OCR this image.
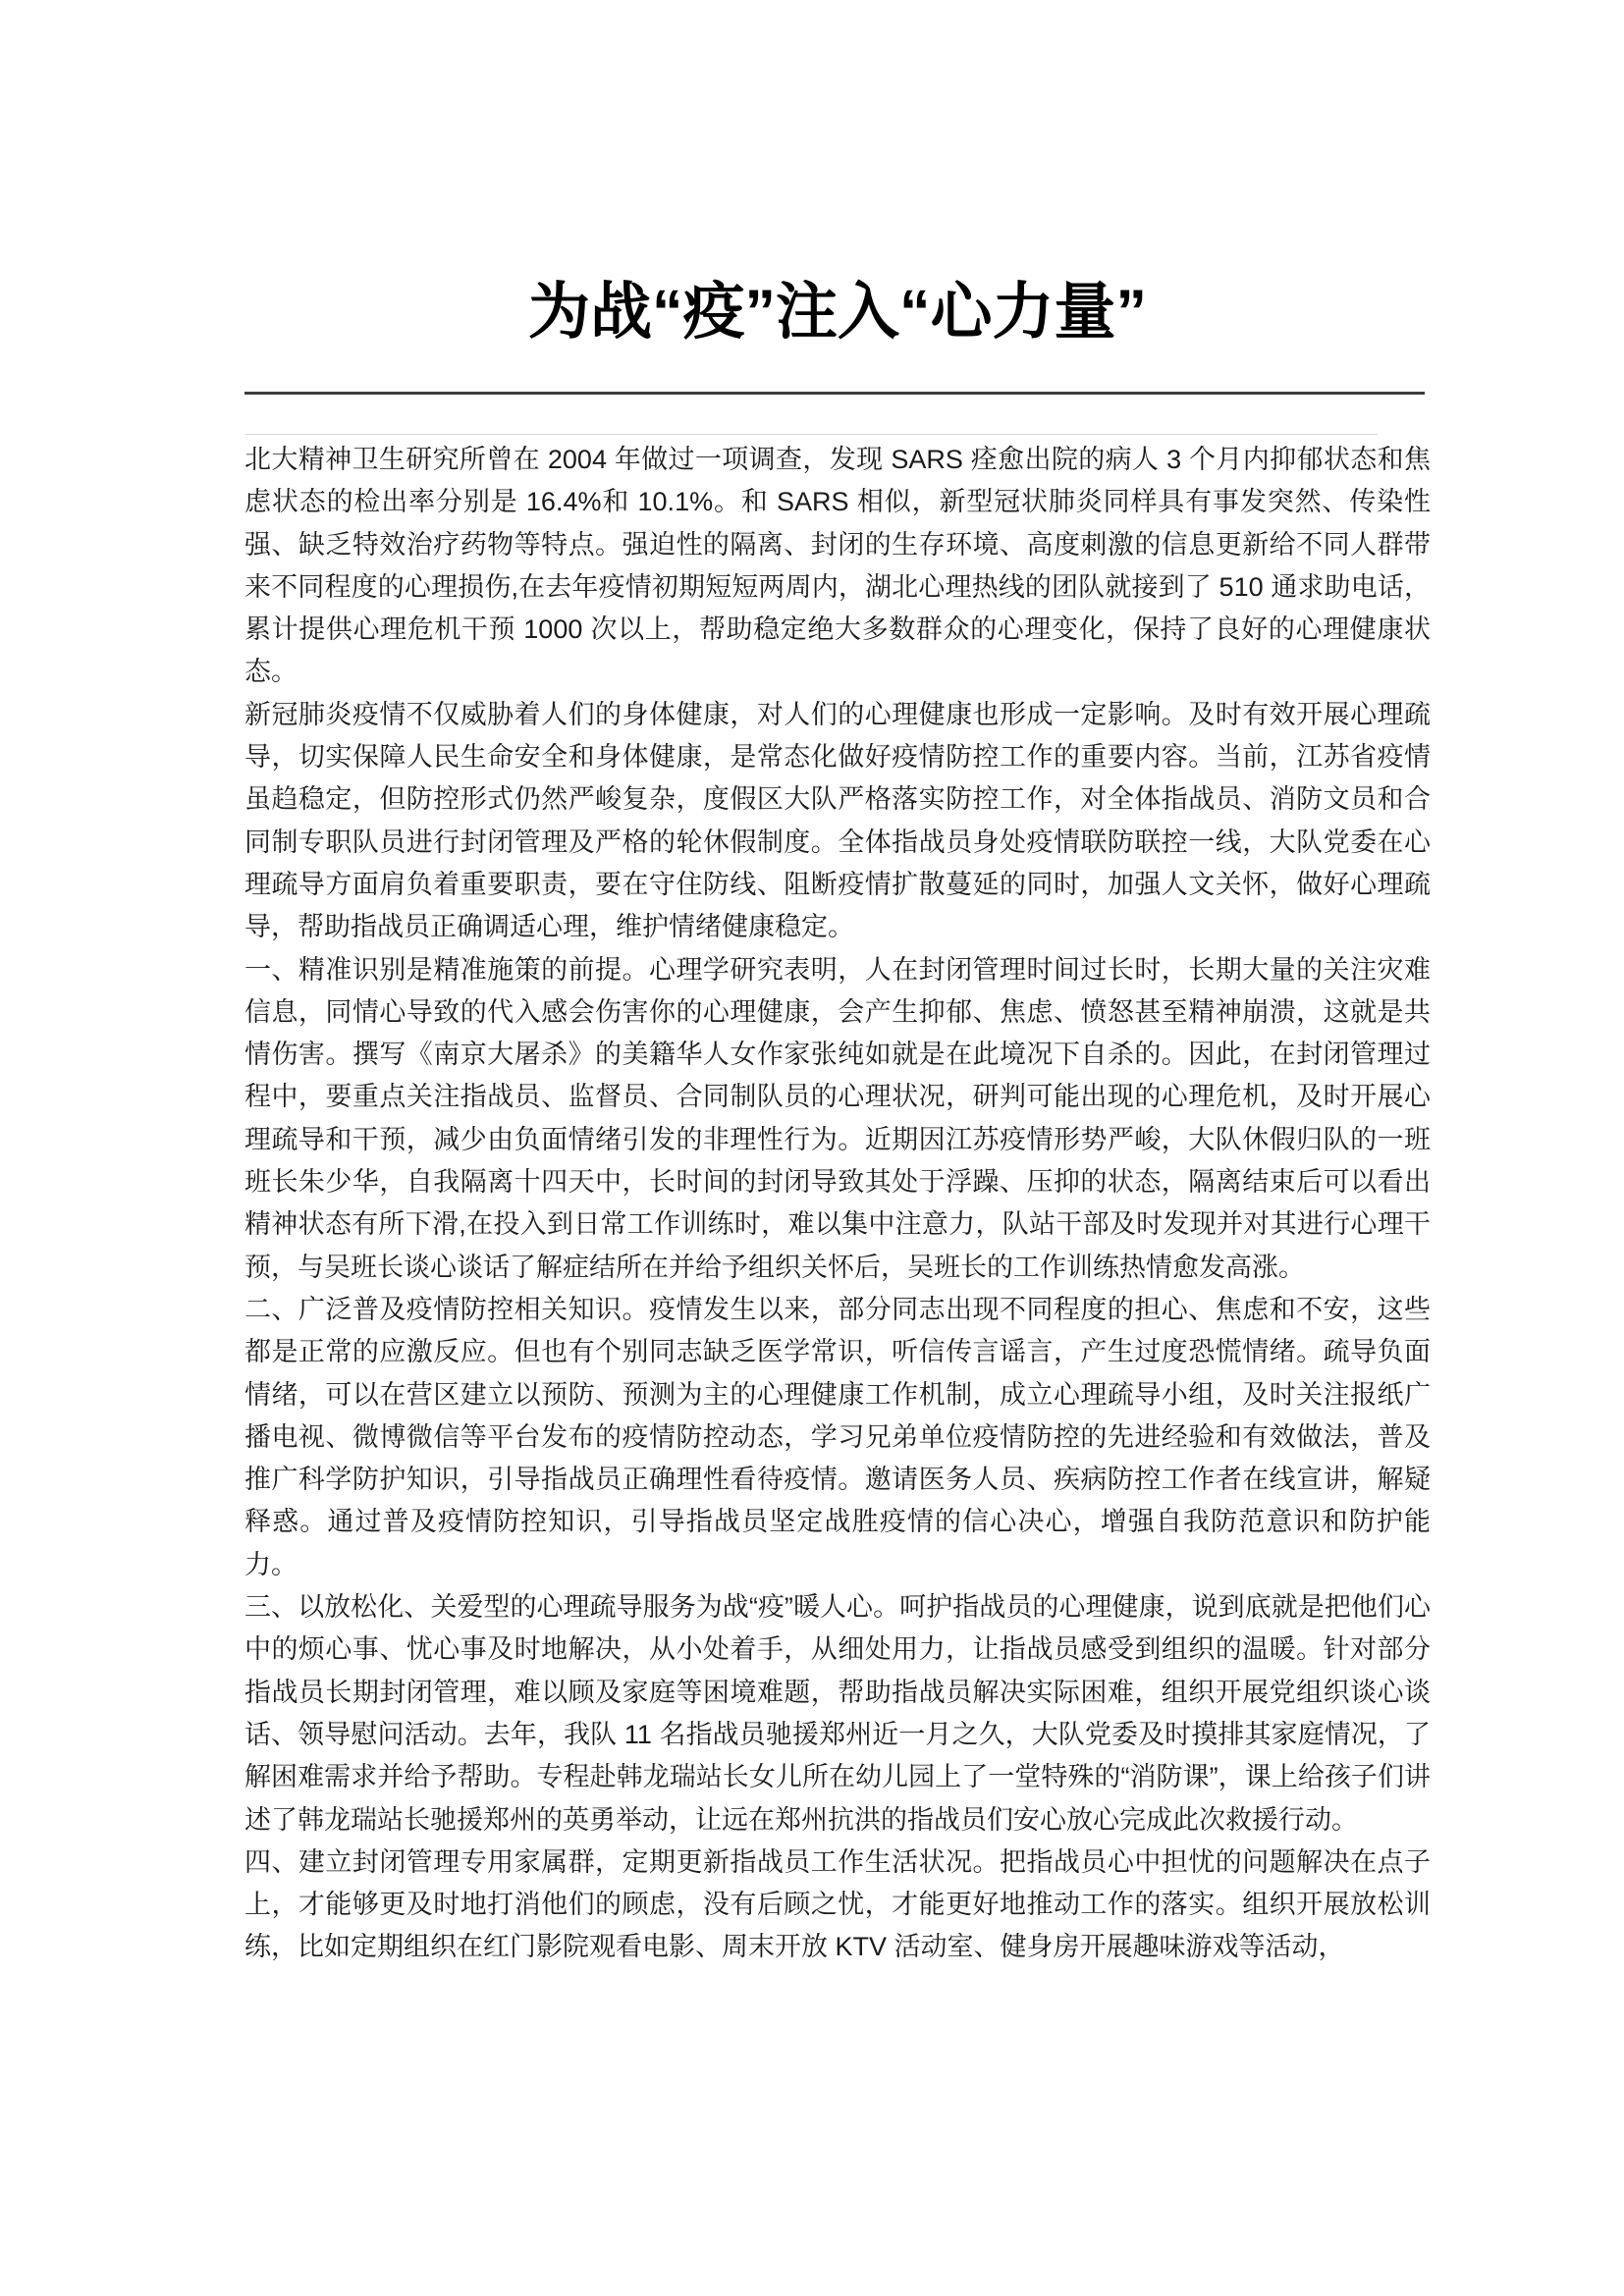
为战“疫”注入“心力量”

北大精神卫生研究所曾在 2004 年做过一项调查，发现 SARS 痊愈出院的病人 3 个月内抑郁状态和焦虑状态的检出率分别是 16.4%和 10.1%。和 SARS 相似，新型冠状肺炎同样具有事发突然、传染性强、缺乏特效治疗药物等特点。强迫性的隔离、封闭的生存环境、高度刺激的信息更新给不同人群带来不同程度的心理损伤,在去年疫情初期短短两周内，湖北心理热线的团队就接到了 510 通求助电话，累计提供心理危机干预 1000 次以上，帮助稳定绝大多数群众的心理变化，保持了良好的心理健康状态。

新冠肺炎疫情不仅威胁着人们的身体健康，对人们的心理健康也形成一定影响。及时有效开展心理疏导，切实保障人民生命安全和身体健康，是常态化做好疫情防控工作的重要内容。当前，江苏省疫情虽趋稳定，但防控形式仍然严峻复杂，度假区大队严格落实防控工作，对全体指战员、消防文员和合同制专职队员进行封闭管理及严格的轮休假制度。全体指战员身处疫情联防联控一线，大队党委在心理疏导方面肩负着重要职责，要在守住防线、阻断疫情扩散蔓延的同时，加强人文关怀，做好心理疏导，帮助指战员正确调适心理，维护情绪健康稳定。

一、精准识别是精准施策的前提。心理学研究表明，人在封闭管理时间过长时，长期大量的关注灾难信息，同情心导致的代入感会伤害你的心理健康，会产生抑郁、焦虑、愤怒甚至精神崩溃，这就是共情伤害。撰写《南京大屠杀》的美籍华人女作家张纯如就是在此境况下自杀的。因此，在封闭管理过程中，要重点关注指战员、监督员、合同制队员的心理状况，研判可能出现的心理危机，及时开展心理疏导和干预，减少由负面情绪引发的非理性行为。近期因江苏疫情形势严峻，大队休假归队的一班班长朱少华，自我隔离十四天中，长时间的封闭导致其处于浮躁、压抑的状态，隔离结束后可以看出精神状态有所下滑,在投入到日常工作训练时，难以集中注意力，队站干部及时发现并对其进行心理干预，与吴班长谈心谈话了解症结所在并给予组织关怀后，吴班长的工作训练热情愈发高涨。

二、广泛普及疫情防控相关知识。疫情发生以来，部分同志出现不同程度的担心、焦虑和不安，这些都是正常的应激反应。但也有个别同志缺乏医学常识，听信传言谣言，产生过度恐慌情绪。疏导负面情绪，可以在营区建立以预防、预测为主的心理健康工作机制，成立心理疏导小组，及时关注报纸广播电视、微博微信等平台发布的疫情防控动态，学习兄弟单位疫情防控的先进经验和有效做法，普及推广科学防护知识，引导指战员正确理性看待疫情。邀请医务人员、疾病防控工作者在线宣讲，解疑释惑。通过普及疫情防控知识，引导指战员坚定战胜疫情的信心决心，增强自我防范意识和防护能力。

三、以放松化、关爱型的心理疏导服务为战“疫”暖人心。呵护指战员的心理健康，说到底就是把他们心中的烦心事、忧心事及时地解决，从小处着手，从细处用力，让指战员感受到组织的温暖。针对部分指战员长期封闭管理，难以顾及家庭等困境难题，帮助指战员解决实际困难，组织开展党组织谈心谈话、领导慰问活动。去年，我队 11 名指战员驰援郑州近一月之久，大队党委及时摸排其家庭情况，了解困难需求并给予帮助。专程赴韩龙瑞站长女儿所在幼儿园上了一堂特殊的“消防课”，课上给孩子们讲述了韩龙瑞站长驰援郑州的英勇举动，让远在郑州抗洪的指战员们安心放心完成此次救援行动。

四、建立封闭管理专用家属群，定期更新指战员工作生活状况。把指战员心中担忧的问题解决在点子上，才能够更及时地打消他们的顾虑，没有后顾之忧，才能更好地推动工作的落实。组织开展放松训练，比如定期组织在红门影院观看电影、周末开放 KTV 活动室、健身房开展趣味游戏等活动，
